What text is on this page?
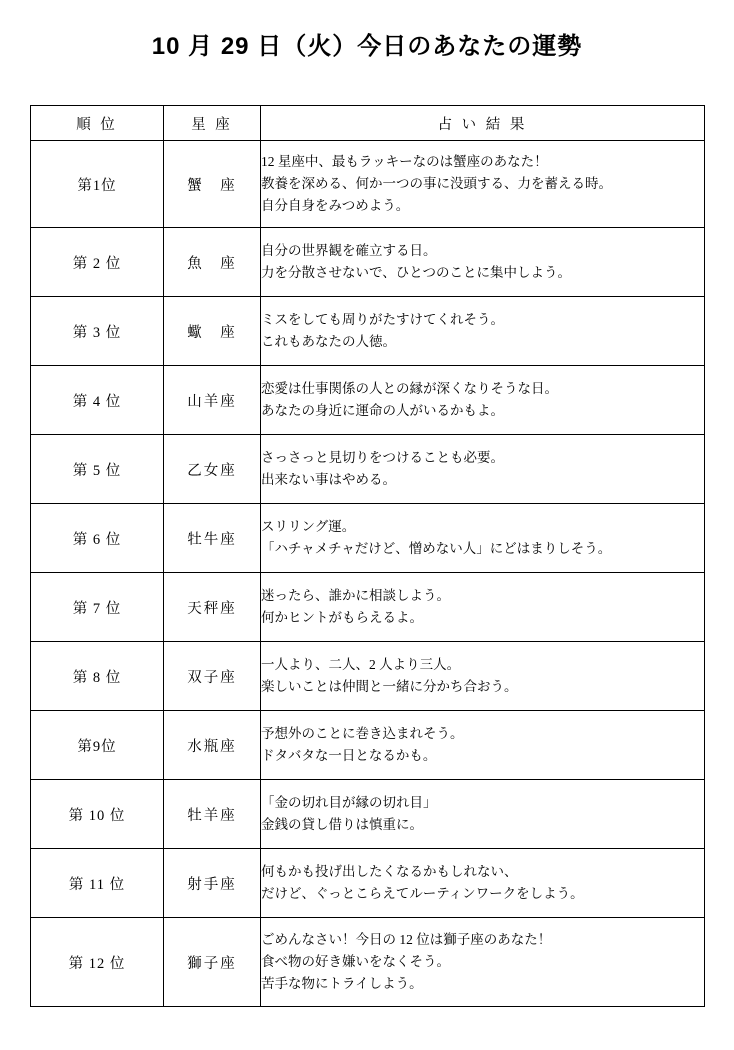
10 月 29 日（火）今日のあなたの運勢
順 位	星 座	占 い 結 果
第1位	蟹　座	12 星座中、最もラッキーなのは蟹座のあなた！
教養を深める、何か一つの事に没頭する、力を蓄える時。
自分自身をみつめよう。

第 2 位	魚　座	自分の世界観を確立する日。
力を分散させないで、ひとつのことに集中しよう。

第 3 位	蠍　座	ミスをしても周りがたすけてくれそう。
これもあなたの人徳。

第 4 位	山羊座	恋愛は仕事関係の人との縁が深くなりそうな日。
あなたの身近に運命の人がいるかもよ。

第 5 位	乙女座	さっさっと見切りをつけることも必要。
出来ない事はやめる。

第 6 位	牡牛座	スリリング運。
「ハチャメチャだけど、憎めない人」にどはまりしそう。

第 7 位	天秤座	迷ったら、誰かに相談しよう。
何かヒントがもらえるよ。

第 8 位	双子座	一人より、二人、2 人より三人。
楽しいことは仲間と一緒に分かち合おう。

第9位	水瓶座	予想外のことに巻き込まれそう。
ドタバタな一日となるかも。

第 10 位	牡羊座	「金の切れ目が縁の切れ目」
金銭の貸し借りは慎重に。

第 11 位	射手座	何もかも投げ出したくなるかもしれない、
だけど、ぐっとこらえてルーティンワークをしよう。

第 12 位	獅子座	ごめんなさい！今日の 12 位は獅子座のあなた！
食べ物の好き嫌いをなくそう。
苦手な物にトライしよう。
